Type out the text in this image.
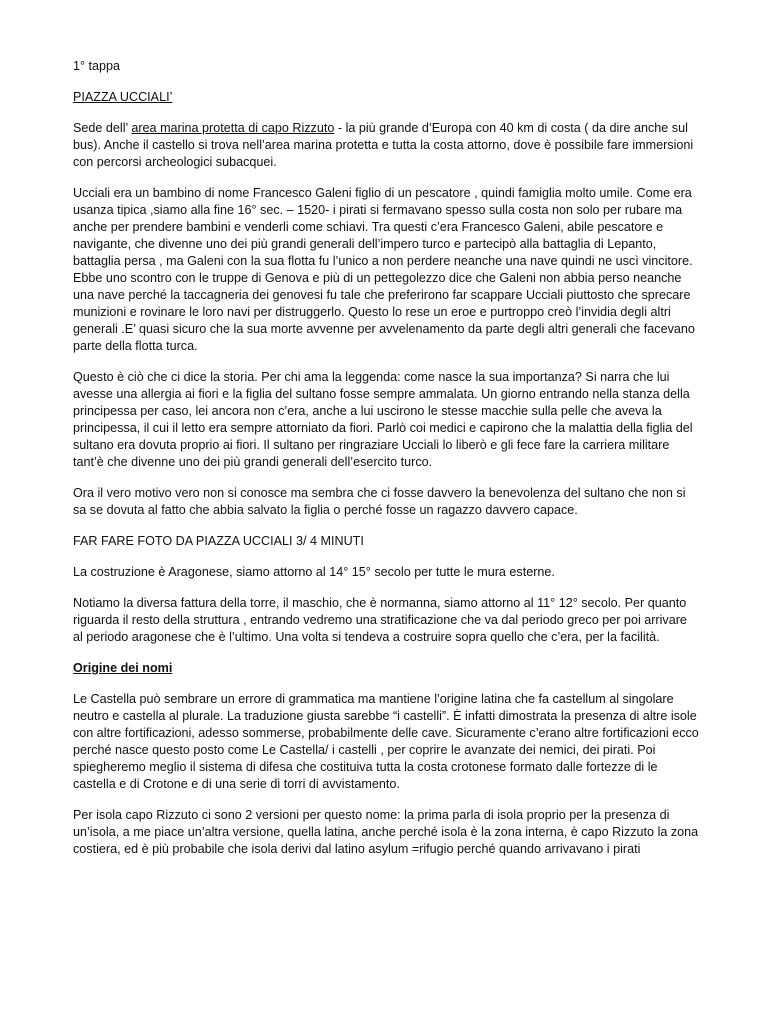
1° tappa

PIAZZA UCCIALI’

Sede dell’ area marina protetta di capo Rizzuto - la più grande d’Europa con 40 km di costa ( da dire anche sul bus). Anche il castello si trova nell’area marina protetta e tutta la costa attorno, dove è possibile fare immersioni con percorsi archeologici subacquei.

Ucciali era un bambino di nome Francesco Galeni figlio di un pescatore , quindi famiglia molto umile. Come era usanza tipica ,siamo alla fine 16° sec. – 1520- i pirati si fermavano spesso sulla costa non solo per rubare ma anche per prendere bambini e venderli come schiavi. Tra questi c’era Francesco Galeni, abile pescatore e navigante, che divenne uno dei più grandi generali dell’impero turco e partecipò alla battaglia di Lepanto, battaglia persa , ma Galeni con la sua flotta fu l’unico a non perdere neanche una nave quindi ne uscì vincitore. Ebbe uno scontro con le truppe di Genova e più di un pettegolezzo dice che Galeni non abbia perso neanche una nave perché la taccagneria dei genovesi fu tale che preferirono far scappare Ucciali piuttosto che sprecare munizioni e rovinare le loro navi per distruggerlo. Questo lo rese un eroe e purtroppo creò l’invidia degli altri generali .E’ quasi sicuro che la sua morte avvenne per avvelenamento da parte degli altri generali che facevano parte della flotta turca.

Questo è ciò che ci dice la storia. Per chi ama la leggenda: come nasce la sua importanza? Si narra che lui avesse una allergia ai fiori e la figlia del sultano fosse sempre ammalata. Un giorno entrando nella stanza della principessa per caso, lei ancora non c’era, anche a lui uscirono le stesse macchie sulla pelle che aveva la principessa, il cui il letto era sempre attorniato da fiori. Parlò coi medici e capirono che la malattia della figlia del sultano era dovuta proprio ai fiori. Il sultano per ringraziare Ucciali lo liberò e gli fece fare la carriera militare tant’è che divenne uno dei più grandi generali dell’esercito turco.

Ora il vero motivo vero non si conosce ma sembra che ci fosse davvero la benevolenza del sultano che non si sa se dovuta al fatto che abbia salvato la figlia o perché fosse un ragazzo davvero capace.

FAR FARE FOTO DA PIAZZA UCCIALI 3/ 4 MINUTI

La costruzione è Aragonese, siamo attorno al 14° 15° secolo per tutte le mura esterne.

Notiamo la diversa fattura della torre, il maschio, che è normanna, siamo attorno al 11° 12° secolo. Per quanto riguarda il resto della struttura , entrando vedremo una stratificazione che va dal periodo greco per poi arrivare al periodo aragonese che è l’ultimo. Una volta si tendeva a costruire sopra quello che c’era, per la facilità.

Origine dei nomi

Le Castella può sembrare un errore di grammatica ma mantiene l’origine latina che fa castellum al singolare neutro e castella al plurale. La traduzione giusta sarebbe “i castelli”. È infatti dimostrata la presenza di altre isole con altre fortificazioni, adesso sommerse, probabilmente delle cave. Sicuramente c’erano altre fortificazioni ecco perché nasce questo posto come Le Castella/ i castelli , per coprire le avanzate dei nemici, dei pirati. Poi spiegheremo meglio il sistema di difesa che costituiva tutta la costa crotonese formato dalle fortezze di le castella e di Crotone e di una serie di torri di avvistamento.

Per isola capo Rizzuto ci sono 2 versioni per questo nome: la prima parla di isola proprio per la presenza di un’isola, a me piace un’altra versione, quella latina, anche perché isola è la zona interna, è capo Rizzuto la zona costiera, ed è più probabile che isola derivi dal latino asylum =rifugio perché quando arrivavano i pirati
